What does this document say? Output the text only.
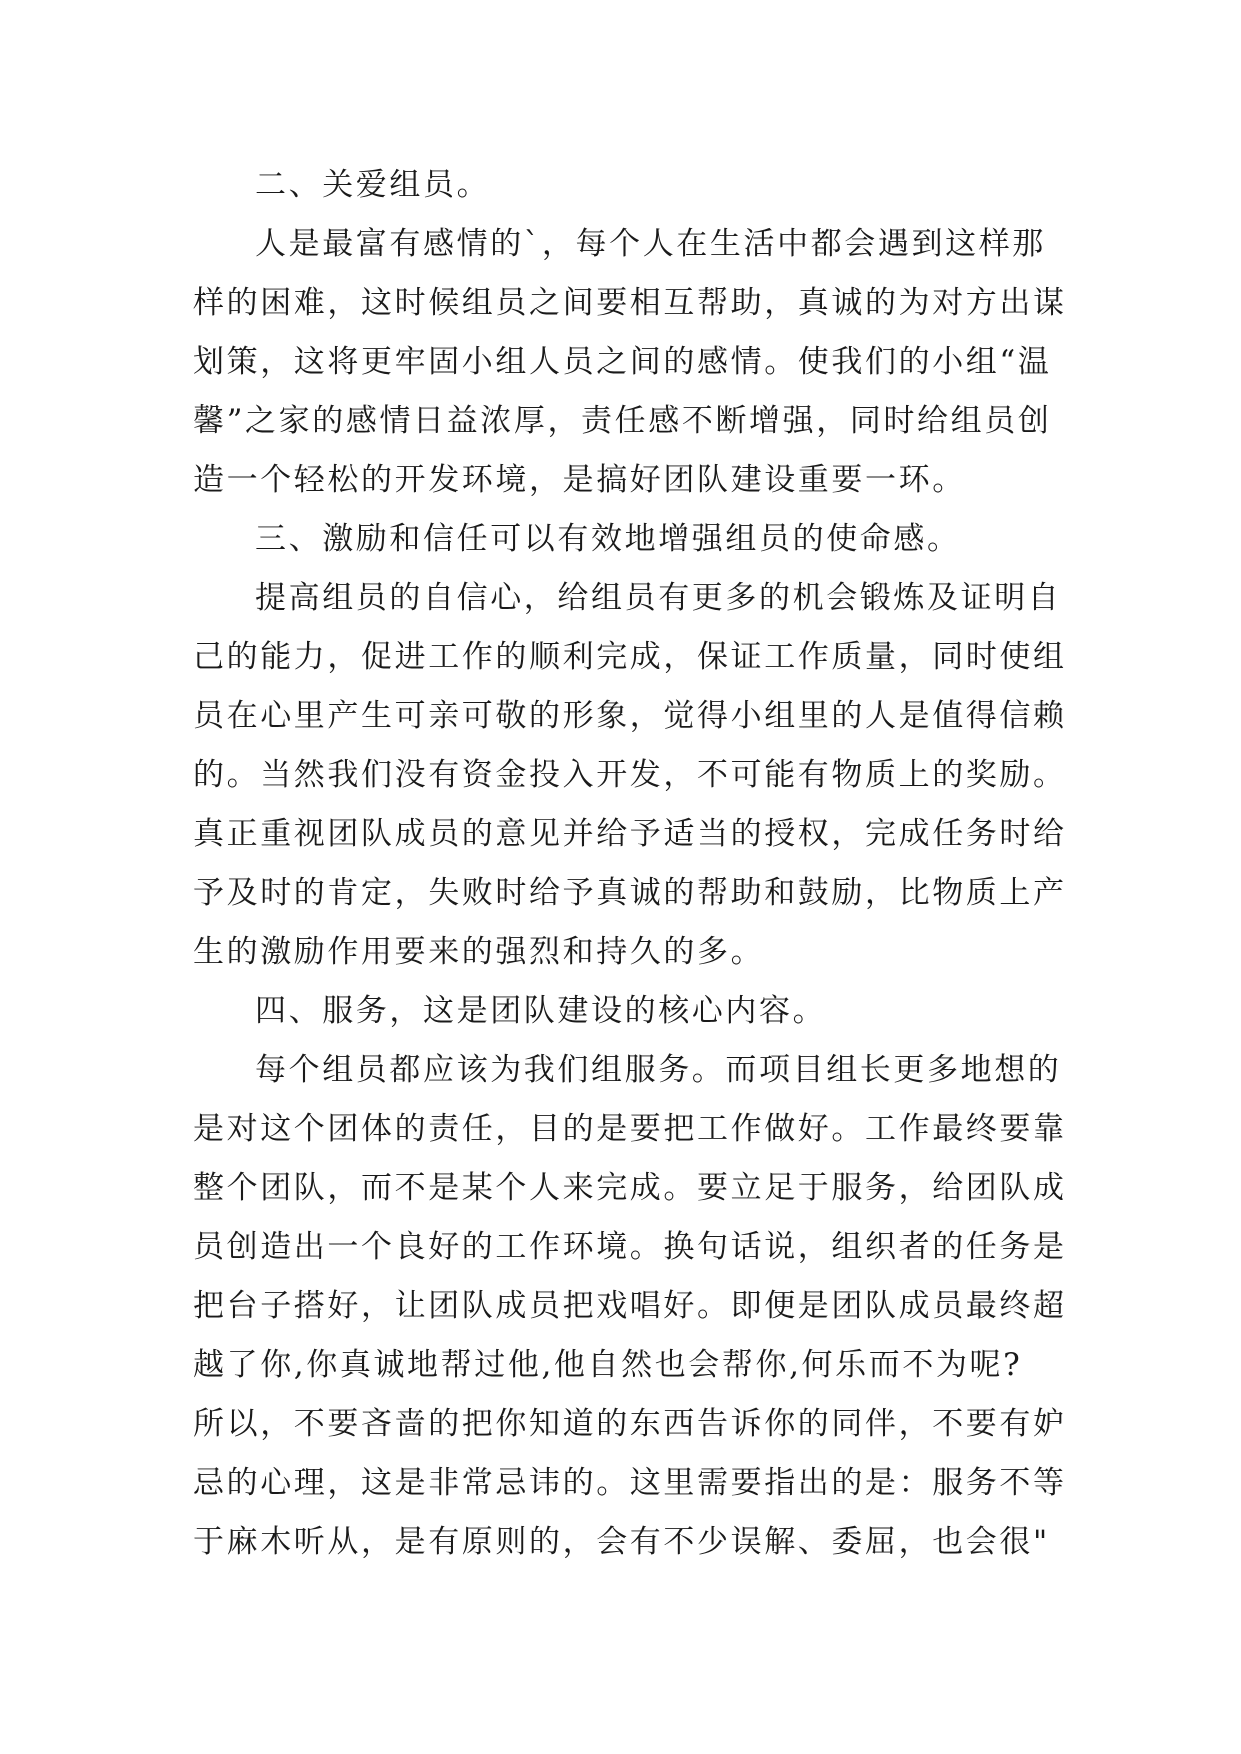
二、关爱组员。
人是最富有感情的`，每个人在生活中都会遇到这样那
样的困难，这时候组员之间要相互帮助，真诚的为对方出谋
划策，这将更牢固小组人员之间的感情。使我们的小组“温
馨”之家的感情日益浓厚，责任感不断增强，同时给组员创
造一个轻松的开发环境，是搞好团队建设重要一环。
三、激励和信任可以有效地增强组员的使命感。
提高组员的自信心，给组员有更多的机会锻炼及证明自
己的能力，促进工作的顺利完成，保证工作质量，同时使组
员在心里产生可亲可敬的形象，觉得小组里的人是值得信赖
的。当然我们没有资金投入开发，不可能有物质上的奖励。
真正重视团队成员的意见并给予适当的授权，完成任务时给
予及时的肯定，失败时给予真诚的帮助和鼓励，比物质上产
生的激励作用要来的强烈和持久的多。
四、服务，这是团队建设的核心内容。
每个组员都应该为我们组服务。而项目组长更多地想的
是对这个团体的责任，目的是要把工作做好。工作最终要靠
整个团队，而不是某个人来完成。要立足于服务，给团队成
员创造出一个良好的工作环境。换句话说，组织者的任务是
把台子搭好，让团队成员把戏唱好。即便是团队成员最终超
越了你,你真诚地帮过他,他自然也会帮你,何乐而不为呢?
所以，不要吝啬的把你知道的东西告诉你的同伴，不要有妒
忌的心理，这是非常忌讳的。这里需要指出的是：服务不等
于麻木听从，是有原则的，会有不少误解、委屈，也会很"
